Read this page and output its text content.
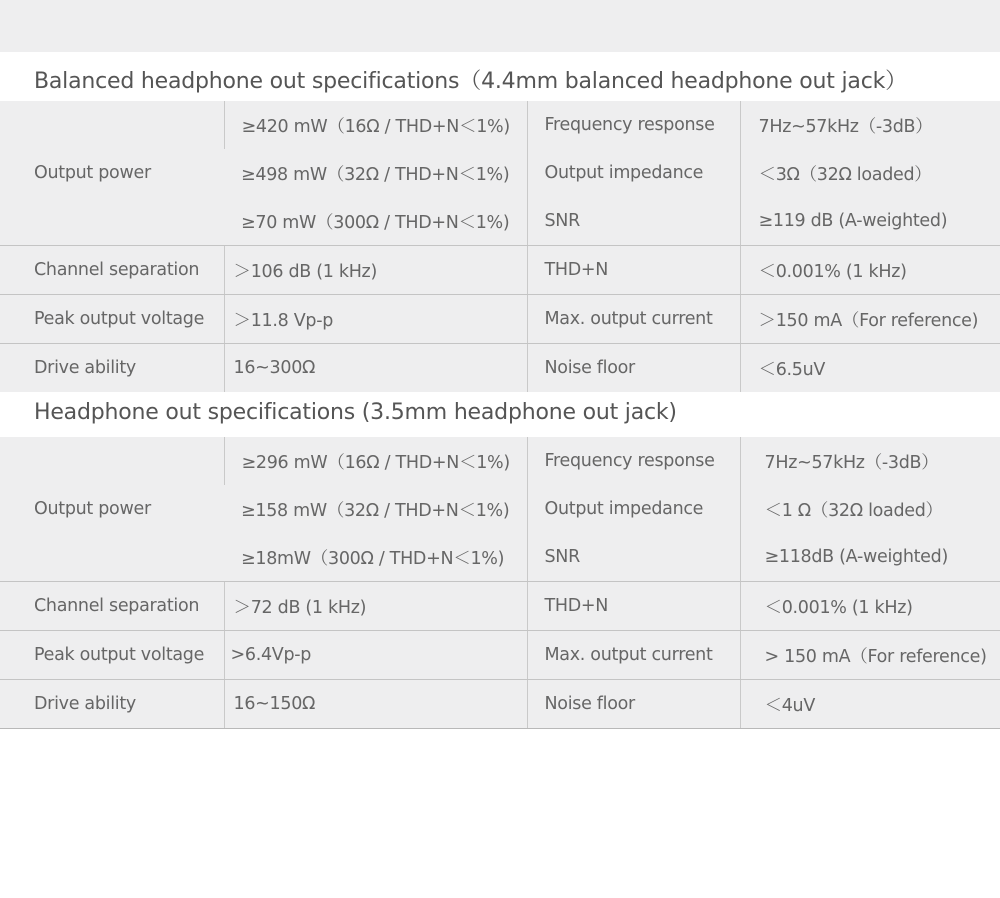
Balanced headphone out specifications（4.4mm balanced headphone out jack）
Output power	≥420 mW（16Ω / THD+N＜1%)	Frequency response	7Hz~57kHz（-3dB）
	≥498 mW（32Ω / THD+N＜1%)	Output impedance	＜3Ω（32Ω loaded）
	≥70 mW（300Ω / THD+N＜1%)	SNR	≥119 dB (A-weighted)
Channel separation	＞106 dB (1 kHz)	THD+N	＜0.001% (1 kHz)
Peak output voltage	＞11.8 Vp-p	Max. output current	＞150 mA（For reference)
Drive ability	16~300Ω	Noise floor	＜6.5uV
Headphone out specifications (3.5mm headphone out jack)
Output power	≥296 mW（16Ω / THD+N＜1%)	Frequency response	7Hz~57kHz（-3dB）
	≥158 mW（32Ω / THD+N＜1%)	Output impedance	＜1 Ω（32Ω loaded）
	≥18mW（300Ω / THD+N＜1%)	SNR	≥118dB (A-weighted)
Channel separation	＞72 dB (1 kHz)	THD+N	＜0.001% (1 kHz)
Peak output voltage	>6.4Vp-p	Max. output current	> 150 mA（For reference)
Drive ability	16~150Ω	Noise floor	＜4uV
